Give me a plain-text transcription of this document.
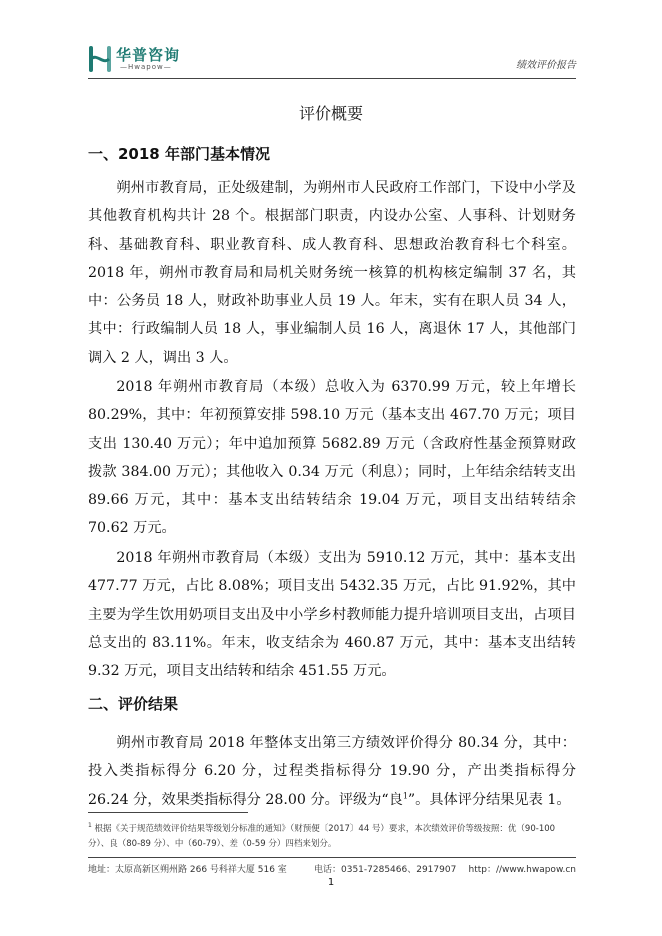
华普咨询
—Hwapow—	绩效评价报告
评价概要
一、2018 年部门基本情况

朔州市教育局，正处级建制，为朔州市人民政府工作部门，下设中小学及其他教育机构共计 28 个。根据部门职责，内设办公室、人事科、计划财务科、基础教育科、职业教育科、成人教育科、思想政治教育科七个科室。2018 年，朔州市教育局和局机关财务统一核算的机构核定编制 37 名，其中：公务员 18 人，财政补助事业人员 19 人。年末，实有在职人员 34 人，其中：行政编制人员 18 人，事业编制人员 16 人，离退休 17 人，其他部门调入 2 人，调出 3 人。

2018 年朔州市教育局（本级）总收入为 6370.99 万元，较上年增长 80.29%，其中：年初预算安排 598.10 万元（基本支出 467.70 万元；项目支出 130.40 万元）；年中追加预算 5682.89 万元（含政府性基金预算财政拨款 384.00 万元）；其他收入 0.34 万元（利息）；同时，上年结余结转支出 89.66 万元，其中：基本支出结转结余 19.04 万元，项目支出结转结余 70.62 万元。

2018 年朔州市教育局（本级）支出为 5910.12 万元，其中：基本支出 477.77 万元，占比 8.08%；项目支出 5432.35 万元，占比 91.92%，其中主要为学生饮用奶项目支出及中小学乡村教师能力提升培训项目支出，占项目总支出的 83.11%。年末，收支结余为 460.87 万元，其中：基本支出结转 9.32 万元，项目支出结转和结余 451.55 万元。

二、评价结果

朔州市教育局 2018 年整体支出第三方绩效评价得分 80.34 分，其中：投入类指标得分 6.20 分，过程类指标得分 19.90 分，产出类指标得分 26.24 分，效果类指标得分 28.00 分。评级为“良$^1$”。具体评分结果见表 1。

$^1$ 根据《关于规范绩效评价结果等级划分标准的通知》（财预便〔2017〕44 号）要求，本次绩效评价等级按照：优（90-100 分）、良（80-89 分）、中（60-79）、差（0-59 分）四档来划分。

地址：太原高新区朔州路 266 号科祥大厦 516 室	电话：0351-7285466、2917907 http：//www.hwapow.cn
1
